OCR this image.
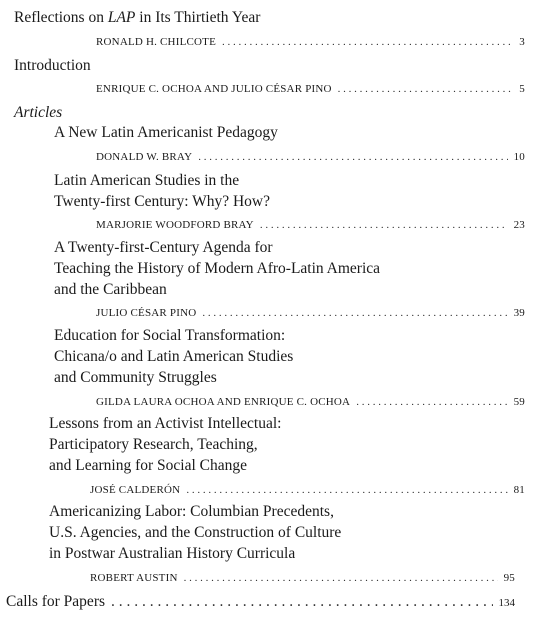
Reflections on LAP in Its Thirtieth Year
RONALD H. CHILCOTE . . .	3
Introduction
ENRIQUE C. OCHOA AND JULIO CÉSAR PINO . . .	5
Articles
A New Latin Americanist Pedagogy
DONALD W. BRAY . . .	10
Latin American Studies in the
Twenty-first Century: Why? How?
MARJORIE WOODFORD BRAY . . .	23
A Twenty-first-Century Agenda for
Teaching the History of Modern Afro-Latin America
and the Caribbean
JULIO CÉSAR PINO . . .	39
Education for Social Transformation:
Chicana/o and Latin American Studies
and Community Struggles
GILDA LAURA OCHOA AND ENRIQUE C. OCHOA . . .	59
Lessons from an Activist Intellectual:
Participatory Research, Teaching,
and Learning for Social Change
JOSÉ CALDERÓN . . .	81
Americanizing Labor: Columbian Precedents,
U.S. Agencies, and the Construction of Culture
in Postwar Australian History Curricula
ROBERT AUSTIN . . .	95
Calls for Papers . . .	134
